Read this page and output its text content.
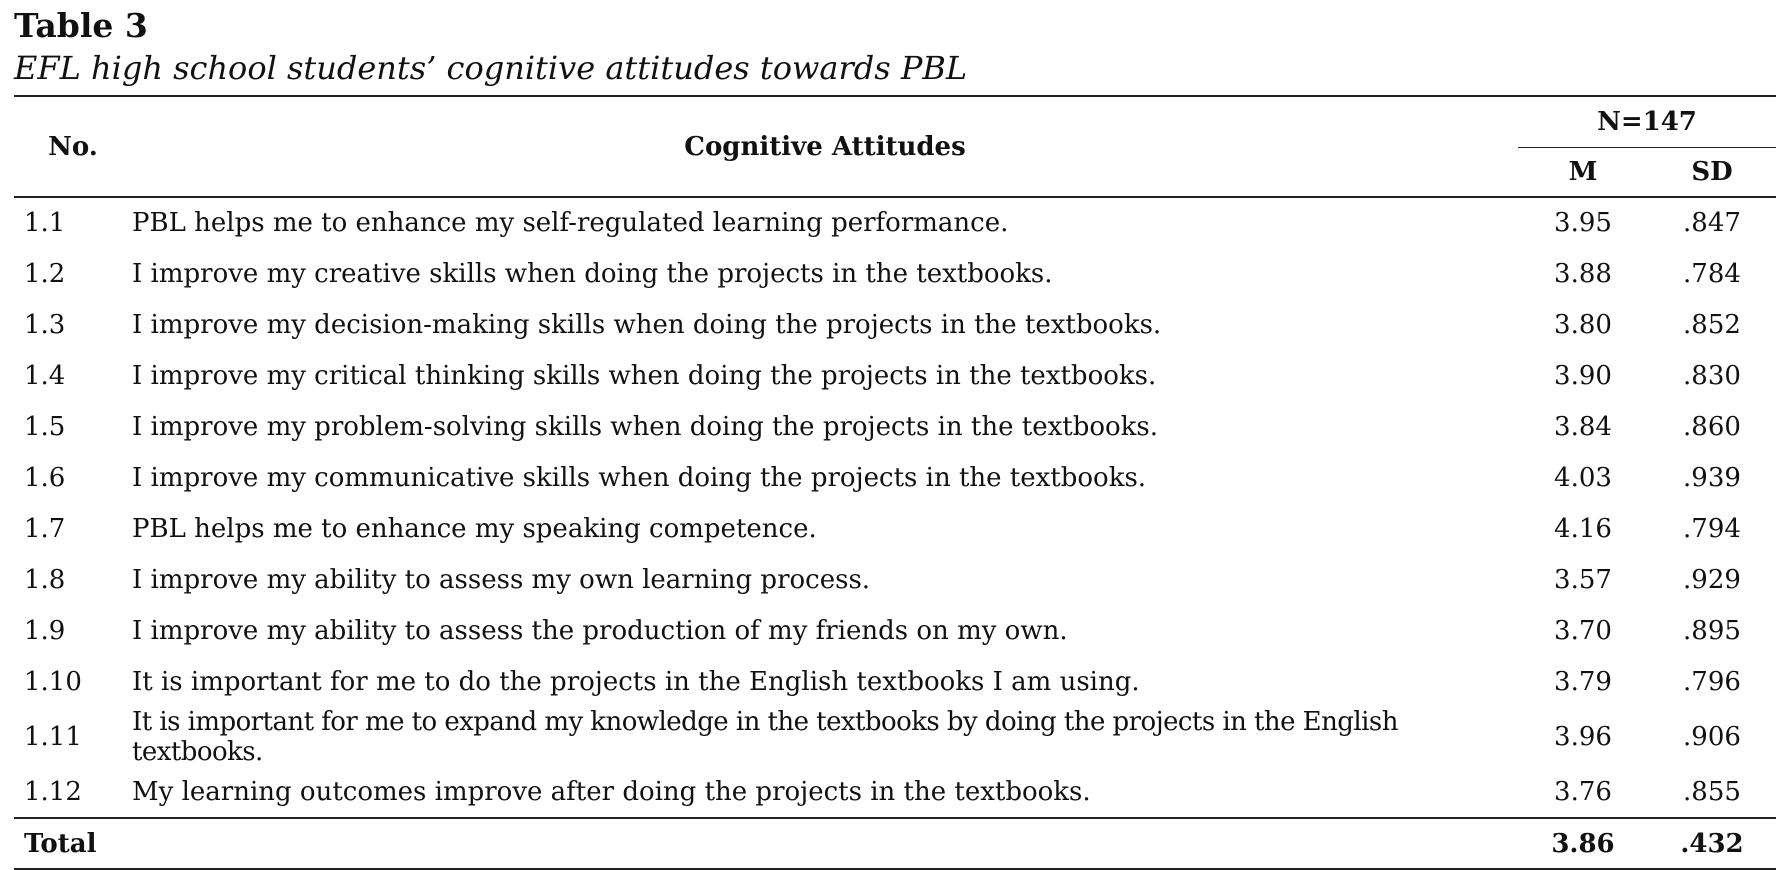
Table 3
EFL high school students’ cognitive attitudes towards PBL
No.	Cognitive Attitudes	N=147	
		M	SD
1.1	PBL helps me to enhance my self-regulated learning performance.	3.95	.847
1.2	I improve my creative skills when doing the projects in the textbooks.	3.88	.784
1.3	I improve my decision-making skills when doing the projects in the textbooks.	3.80	.852
1.4	I improve my critical thinking skills when doing the projects in the textbooks.	3.90	.830
1.5	I improve my problem-solving skills when doing the projects in the textbooks.	3.84	.860
1.6	I improve my communicative skills when doing the projects in the textbooks.	4.03	.939
1.7	PBL helps me to enhance my speaking competence.	4.16	.794
1.8	I improve my ability to assess my own learning process.	3.57	.929
1.9	I improve my ability to assess the production of my friends on my own.	3.70	.895
1.10	It is important for me to do the projects in the English textbooks I am using.	3.79	.796
1.11	It is important for me to expand my knowledge in the textbooks by doing the projects in the English textbooks.	3.96	.906
1.12	My learning outcomes improve after doing the projects in the textbooks.	3.76	.855
Total		3.86	.432
